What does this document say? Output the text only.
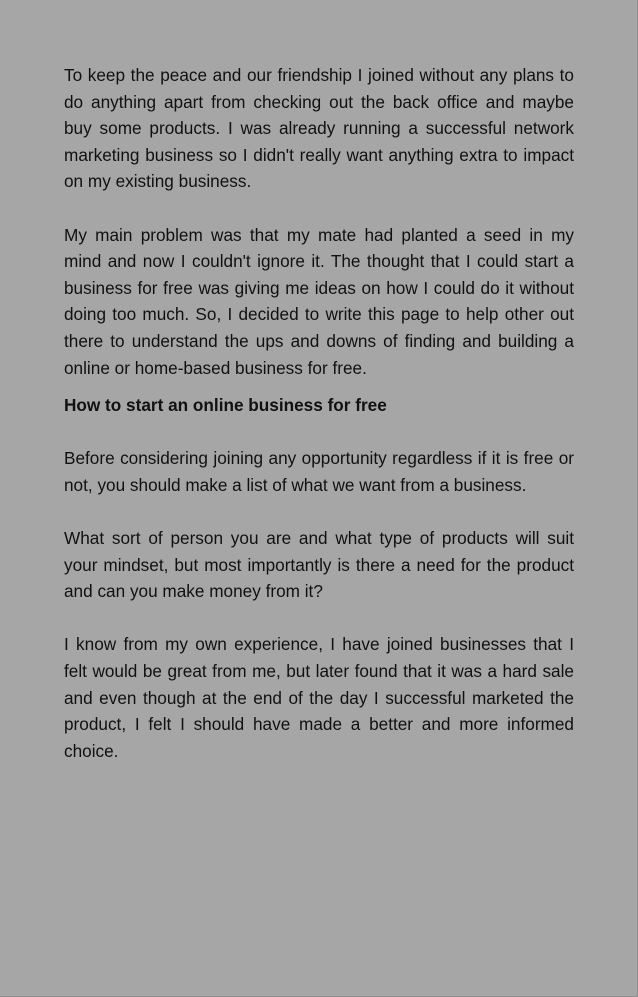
To keep the peace and our friendship I joined without any plans to do anything apart from checking out the back office and maybe buy some products. I was already running a successful network marketing business so I didn't really want anything extra to impact on my existing business.

My main problem was that my mate had planted a seed in my mind and now I couldn't ignore it. The thought that I could start a business for free was giving me ideas on how I could do it without doing too much. So, I decided to write this page to help other out there to understand the ups and downs of finding and building a online or home-based business for free.

How to start an online business for free

Before considering joining any opportunity regardless if it is free or not, you should make a list of what we want from a business.

What sort of person you are and what type of products will suit your mindset, but most importantly is there a need for the product and can you make money from it?

I know from my own experience, I have joined businesses that I felt would be great from me, but later found that it was a hard sale and even though at the end of the day I successful marketed the product, I felt I should have made a better and more informed choice.
